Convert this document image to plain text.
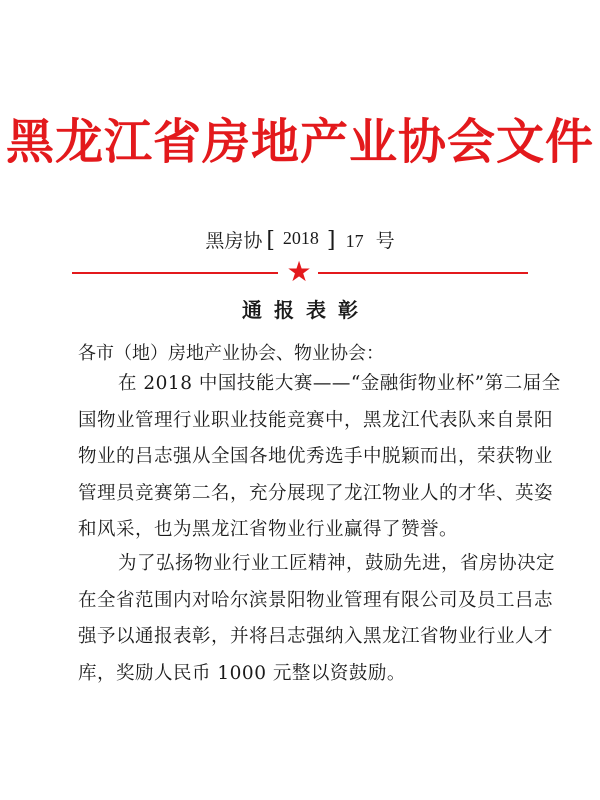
黑龙江省房地产业协会文件
黑房协 [ 2018 ] 17 号
★
通报表彰
各市（地）房地产业协会、物业协会：
在 2018 中国技能大赛——“金融街物业杯”第二届全
国物业管理行业职业技能竞赛中，黑龙江代表队来自景阳
物业的吕志强从全国各地优秀选手中脱颖而出，荣获物业
管理员竞赛第二名，充分展现了龙江物业人的才华、英姿
和风采，也为黑龙江省物业行业赢得了赞誉。
为了弘扬物业行业工匠精神，鼓励先进，省房协决定
在全省范围内对哈尔滨景阳物业管理有限公司及员工吕志
强予以通报表彰，并将吕志强纳入黑龙江省物业行业人才
库，奖励人民币 1000 元整以资鼓励。
